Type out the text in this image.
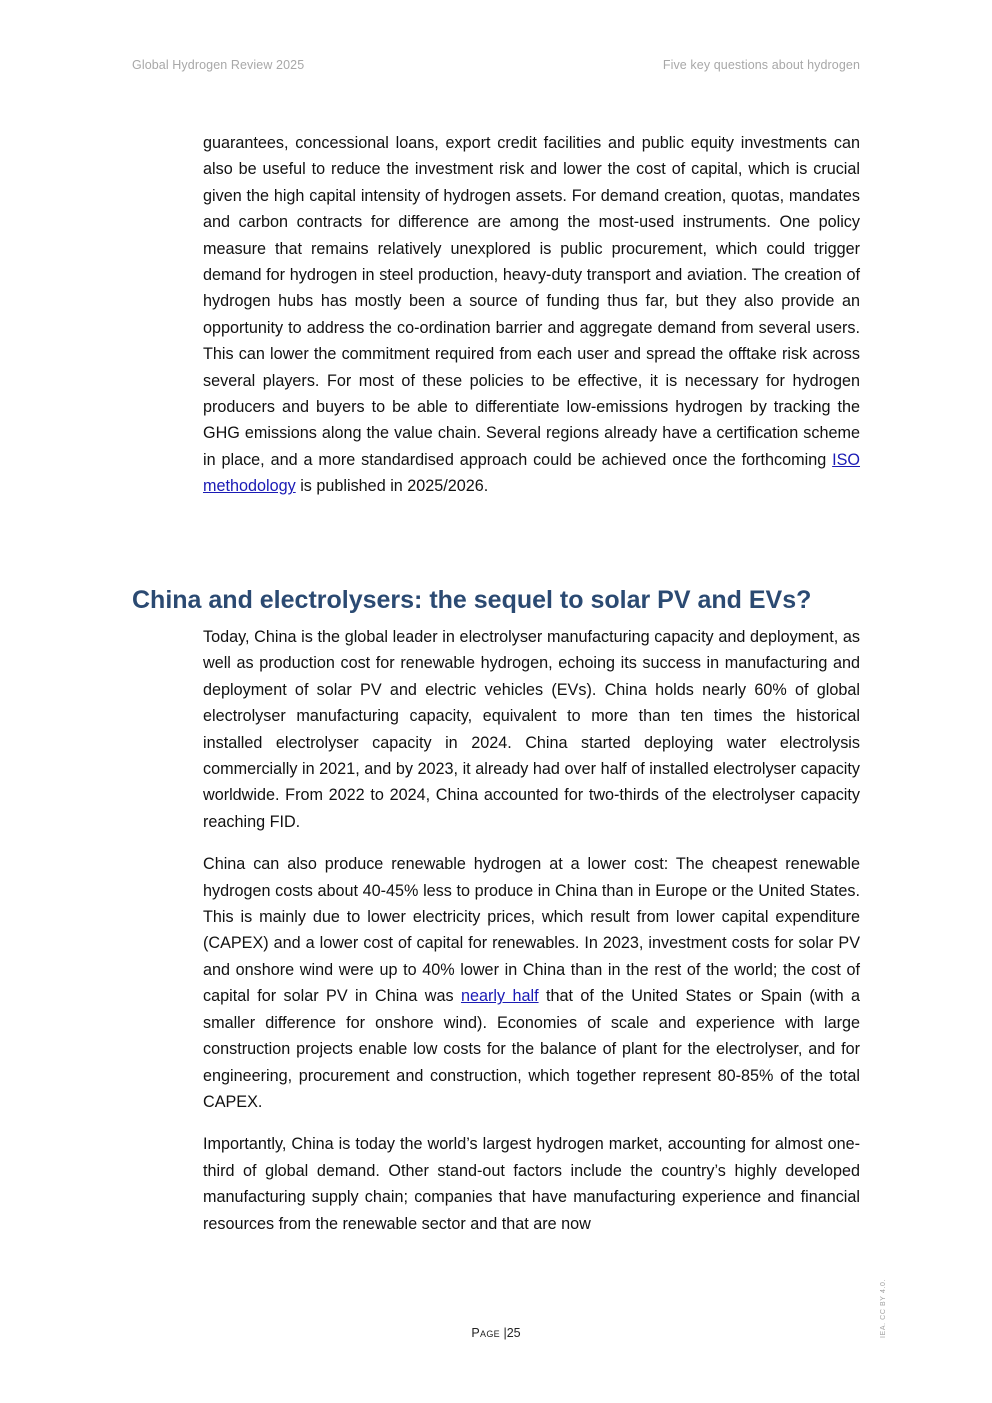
Global Hydrogen Review 2025	Five key questions about hydrogen

guarantees, concessional loans, export credit facilities and public equity investments can also be useful to reduce the investment risk and lower the cost of capital, which is crucial given the high capital intensity of hydrogen assets. For demand creation, quotas, mandates and carbon contracts for difference are among the most-used instruments. One policy measure that remains relatively unexplored is public procurement, which could trigger demand for hydrogen in steel production, heavy-duty transport and aviation. The creation of hydrogen hubs has mostly been a source of funding thus far, but they also provide an opportunity to address the co-ordination barrier and aggregate demand from several users. This can lower the commitment required from each user and spread the offtake risk across several players. For most of these policies to be effective, it is necessary for hydrogen producers and buyers to be able to differentiate low-emissions hydrogen by tracking the GHG emissions along the value chain. Several regions already have a certification scheme in place, and a more standardised approach could be achieved once the forthcoming ISO methodology is published in 2025/2026.

China and electrolysers: the sequel to solar PV and EVs?

Today, China is the global leader in electrolyser manufacturing capacity and deployment, as well as production cost for renewable hydrogen, echoing its success in manufacturing and deployment of solar PV and electric vehicles (EVs). China holds nearly 60% of global electrolyser manufacturing capacity, equivalent to more than ten times the historical installed electrolyser capacity in 2024. China started deploying water electrolysis commercially in 2021, and by 2023, it already had over half of installed electrolyser capacity worldwide. From 2022 to 2024, China accounted for two-thirds of the electrolyser capacity reaching FID.

China can also produce renewable hydrogen at a lower cost: The cheapest renewable hydrogen costs about 40-45% less to produce in China than in Europe or the United States. This is mainly due to lower electricity prices, which result from lower capital expenditure (CAPEX) and a lower cost of capital for renewables. In 2023, investment costs for solar PV and onshore wind were up to 40% lower in China than in the rest of the world; the cost of capital for solar PV in China was nearly half that of the United States or Spain (with a smaller difference for onshore wind). Economies of scale and experience with large construction projects enable low costs for the balance of plant for the electrolyser, and for engineering, procurement and construction, which together represent 80-85% of the total CAPEX.

Importantly, China is today the world’s largest hydrogen market, accounting for almost one-third of global demand. Other stand-out factors include the country’s highly developed manufacturing supply chain; companies that have manufacturing experience and financial resources from the renewable sector and that are now

Page |25	IEA. CC BY 4.0.
